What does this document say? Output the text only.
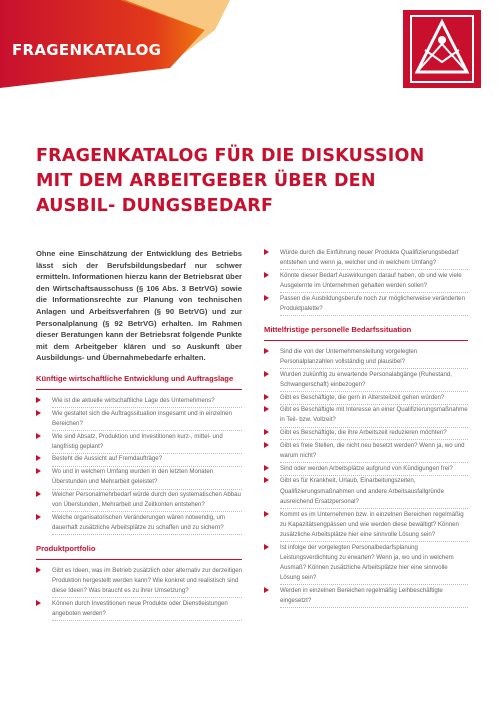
FRAGENKATALOG
FRAGENKATALOG FÜR DIE DISKUSSION MIT DEM ARBEITGEBER ÜBER DEN AUSBIL- DUNGSBEDARF

Ohne eine Einschätzung der Entwicklung des Betriebs lässt sich der Berufsbildungsbedarf nur schwer ermitteln. Informationen hierzu kann der Betriebsrat über den Wirtschaftsausschuss (§ 106 Abs. 3 BetrVG) sowie die Informationsrechte zur Planung von technischen Anlagen und Arbeitsverfahren (§ 90 BetrVG) und zur Personalplanung (§ 92 BetrVG) erhalten. Im Rahmen dieser Beratungen kann der Betriebsrat folgende Punkte mit dem Arbeitgeber klären und so Auskunft über Ausbildungs- und Übernahmebedarfe erhalten.

Künftige wirtschaftliche Entwicklung und Auftragslage
Wie ist die aktuelle wirtschaftliche Lage des Unternehmens?
Wie gestaltet sich die Auftragssituation insgesamt und in einzelnen Bereichen?
Wie sind Absatz, Produktion und Investitionen kurz-, mittel- und langfristig geplant?
Besteht die Aussicht auf Fremdaufträge?
Wo und in welchem Umfang wurden in den letzten Monaten Überstunden und Mehrarbeit geleistet?
Welcher Personalmehrbedarf würde durch den systematischen Abbau von Überstunden, Mehrarbeit und Zeitkonten entstehen?
Welche organisatorischen Veränderungen wären notwendig, um dauerhaft zusätzliche Arbeitsplätze zu schaffen und zu sichern?
Produktportfolio
Gibt es Ideen, was im Betrieb zusätzlich oder alternativ zur derzeitigen Produktion hergestellt werden kann? Wie konkret und realistisch sind diese Ideen? Was braucht es zu ihrer Umsetzung?
Können durch Investitionen neue Produkte oder Dienstleistungen angeboten werden?
Würde durch die Einführung neuer Produkte Qualifizierungsbedarf entstehen und wenn ja, welcher und in welchem Umfang?
Könnte dieser Bedarf Auswirkungen darauf haben, ob und wie viele Ausgelernte im Unternehmen gehalten werden sollen?
Passen die Ausbildungsberufe noch zur möglicherweise veränderten Produktpalette?
Mittelfristige personelle Bedarfssituation
Sind die von der Unternehmensleitung vorgelegten Personalplanzahlen vollständig und plausibel?
Wurden zukünftig zu erwartende Personalabgänge (Ruhestand, Schwangerschaft) einbezogen?
Gibt es Beschäftigte, die gern in Altersteilzeit gehen würden?
Gibt es Beschäftigte mit Interesse an einer Qualifizierungsmaßnahme in Teil- bzw. Vollzeit?
Gibt es Beschäftigte, die ihre Arbeitszeit reduzieren möchten?
Gibt es freie Stellen, die nicht neu besetzt werden? Wenn ja, wo und warum nicht?
Sind oder werden Arbeitsplätze aufgrund von Kündigungen frei?
Gibt es für Krankheit, Urlaub, Einarbeitungszeiten, Qualifizierungsmaßnahmen und andere Arbeitsausfallgründe ausreichend Ersatzpersonal?
Kommt es im Unternehmen bzw. in einzelnen Bereichen regelmäßig zu Kapazitätsengpässen und wie werden diese bewältigt? Können zusätzliche Arbeitsplätze hier eine sinnvolle Lösung sein?
Ist infolge der vorgelegten Personalbedarfsplanung Leistungsverdichtung zu erwarten? Wenn ja, wo und in welchem Ausmaß? Können zusätzliche Arbeitsplätze hier eine sinnvolle Lösung sein?
Werden in einzelnen Bereichen regelmäßig Leihbeschäftigte eingesetzt?
